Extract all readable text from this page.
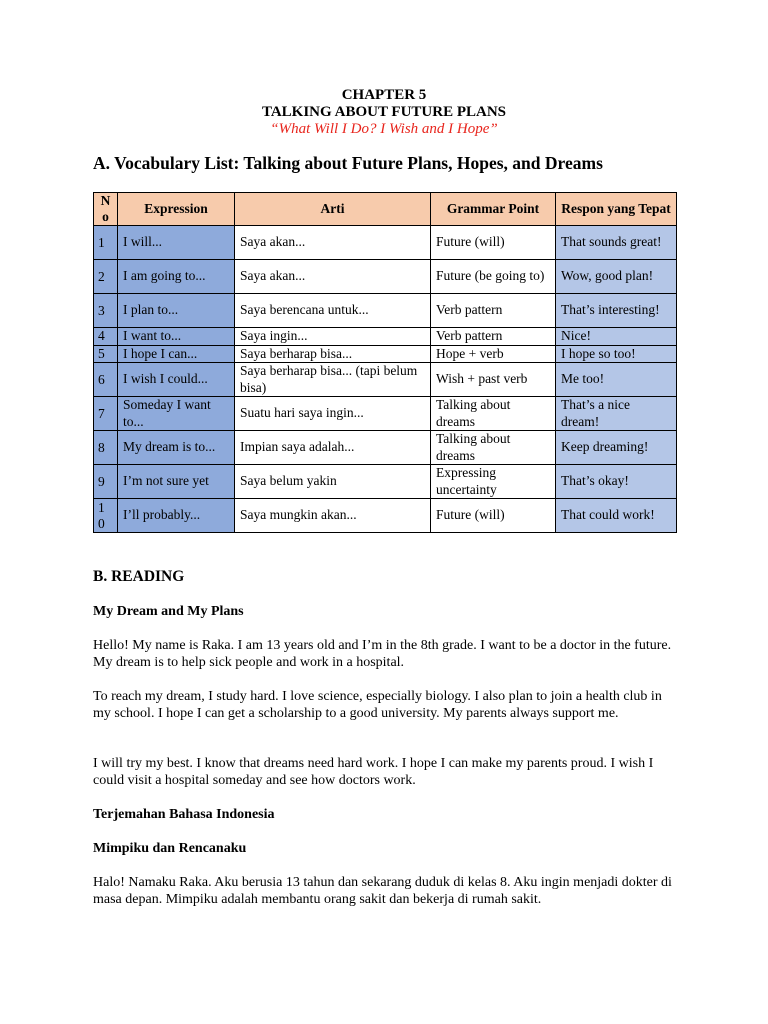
CHAPTER 5
TALKING ABOUT FUTURE PLANS
“What Will I Do? I Wish and I Hope”
A. Vocabulary List: Talking about Future Plans, Hopes, and Dreams
No	Expression	Arti	Grammar Point	Respon yang Tepat
1	I will...	Saya akan...	Future (will)	That sounds great!
2	I am going to...	Saya akan...	Future (be going to)	Wow, good plan!
3	I plan to...	Saya berencana untuk...	Verb pattern	That’s interesting!
4	I want to...	Saya ingin...	Verb pattern	Nice!
5	I hope I can...	Saya berharap bisa...	Hope + verb	I hope so too!
6	I wish I could...	Saya berharap bisa... (tapi belum bisa)	Wish + past verb	Me too!
7	Someday I want to...	Suatu hari saya ingin...	Talking about dreams	That’s a nice dream!
8	My dream is to...	Impian saya adalah...	Talking about dreams	Keep dreaming!
9	I’m not sure yet	Saya belum yakin	Expressing uncertainty	That’s okay!
10	I’ll probably...	Saya mungkin akan...	Future (will)	That could work!
B. READING
My Dream and My Plans
Hello! My name is Raka. I am 13 years old and I’m in the 8th grade. I want to be a doctor in the future. My dream is to help sick people and work in a hospital.
To reach my dream, I study hard. I love science, especially biology. I also plan to join a health club in my school. I hope I can get a scholarship to a good university. My parents always support me.
I will try my best. I know that dreams need hard work. I hope I can make my parents proud. I wish I could visit a hospital someday and see how doctors work.
Terjemahan Bahasa Indonesia
Mimpiku dan Rencanaku
Halo! Namaku Raka. Aku berusia 13 tahun dan sekarang duduk di kelas 8. Aku ingin menjadi dokter di masa depan. Mimpiku adalah membantu orang sakit dan bekerja di rumah sakit.
